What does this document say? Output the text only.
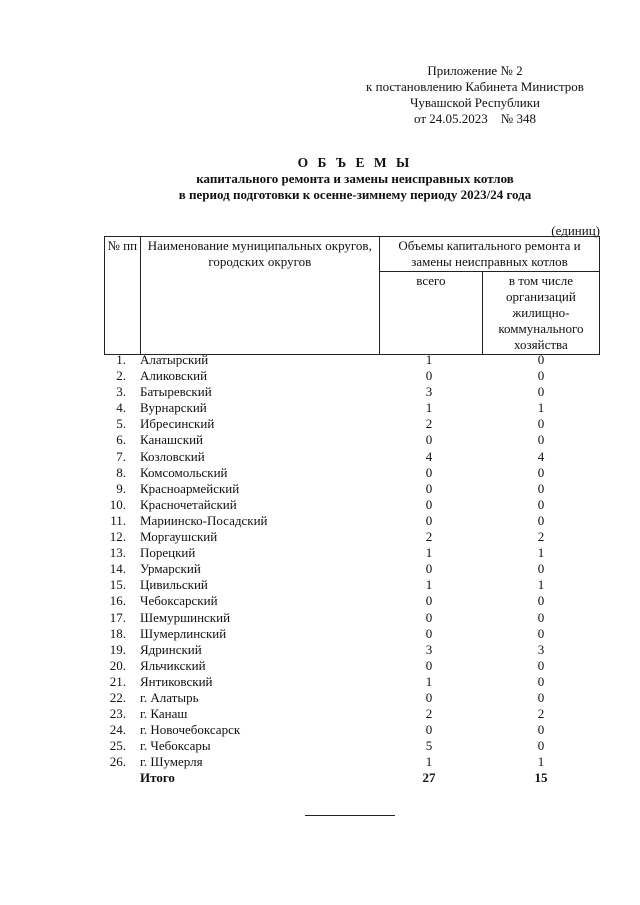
Приложение № 2
к постановлению Кабинета Министров
Чувашской Республики
от 24.05.2023    № 348
О Б Ъ Е М Ы
капитального ремонта и замены неисправных котлов
в период подготовки к осенне-зимнему периоду 2023/24 года
(единиц)
№ пп	Наименование муниципальных округов, городских округов	Объемы капитального ремонта и замены неисправных котлов	
		всего	в том числе организаций жилищно-коммунального хозяйства
1. Алатырский	1	0
2. Аликовский	0	0
3. Батыревский	3	0
4. Вурнарский	1	1
5. Ибресинский	2	0
6. Канашский	0	0
7. Козловский	4	4
8. Комсомольский	0	0
9. Красноармейский	0	0
10. Красночетайский	0	0
11. Мариинско-Посадский	0	0
12. Моргаушский	2	2
13. Порецкий	1	1
14. Урмарский	0	0
15. Цивильский	1	1
16. Чебоксарский	0	0
17. Шемуршинский	0	0
18. Шумерлинский	0	0
19. Ядринский	3	3
20. Яльчикский	0	0
21. Янтиковский	1	0
22. г. Алатырь	0	0
23. г. Канаш	2	2
24. г. Новочебоксарск	0	0
25. г. Чебоксары	5	0
26. г. Шумерля	1	1
Итого	27	15
